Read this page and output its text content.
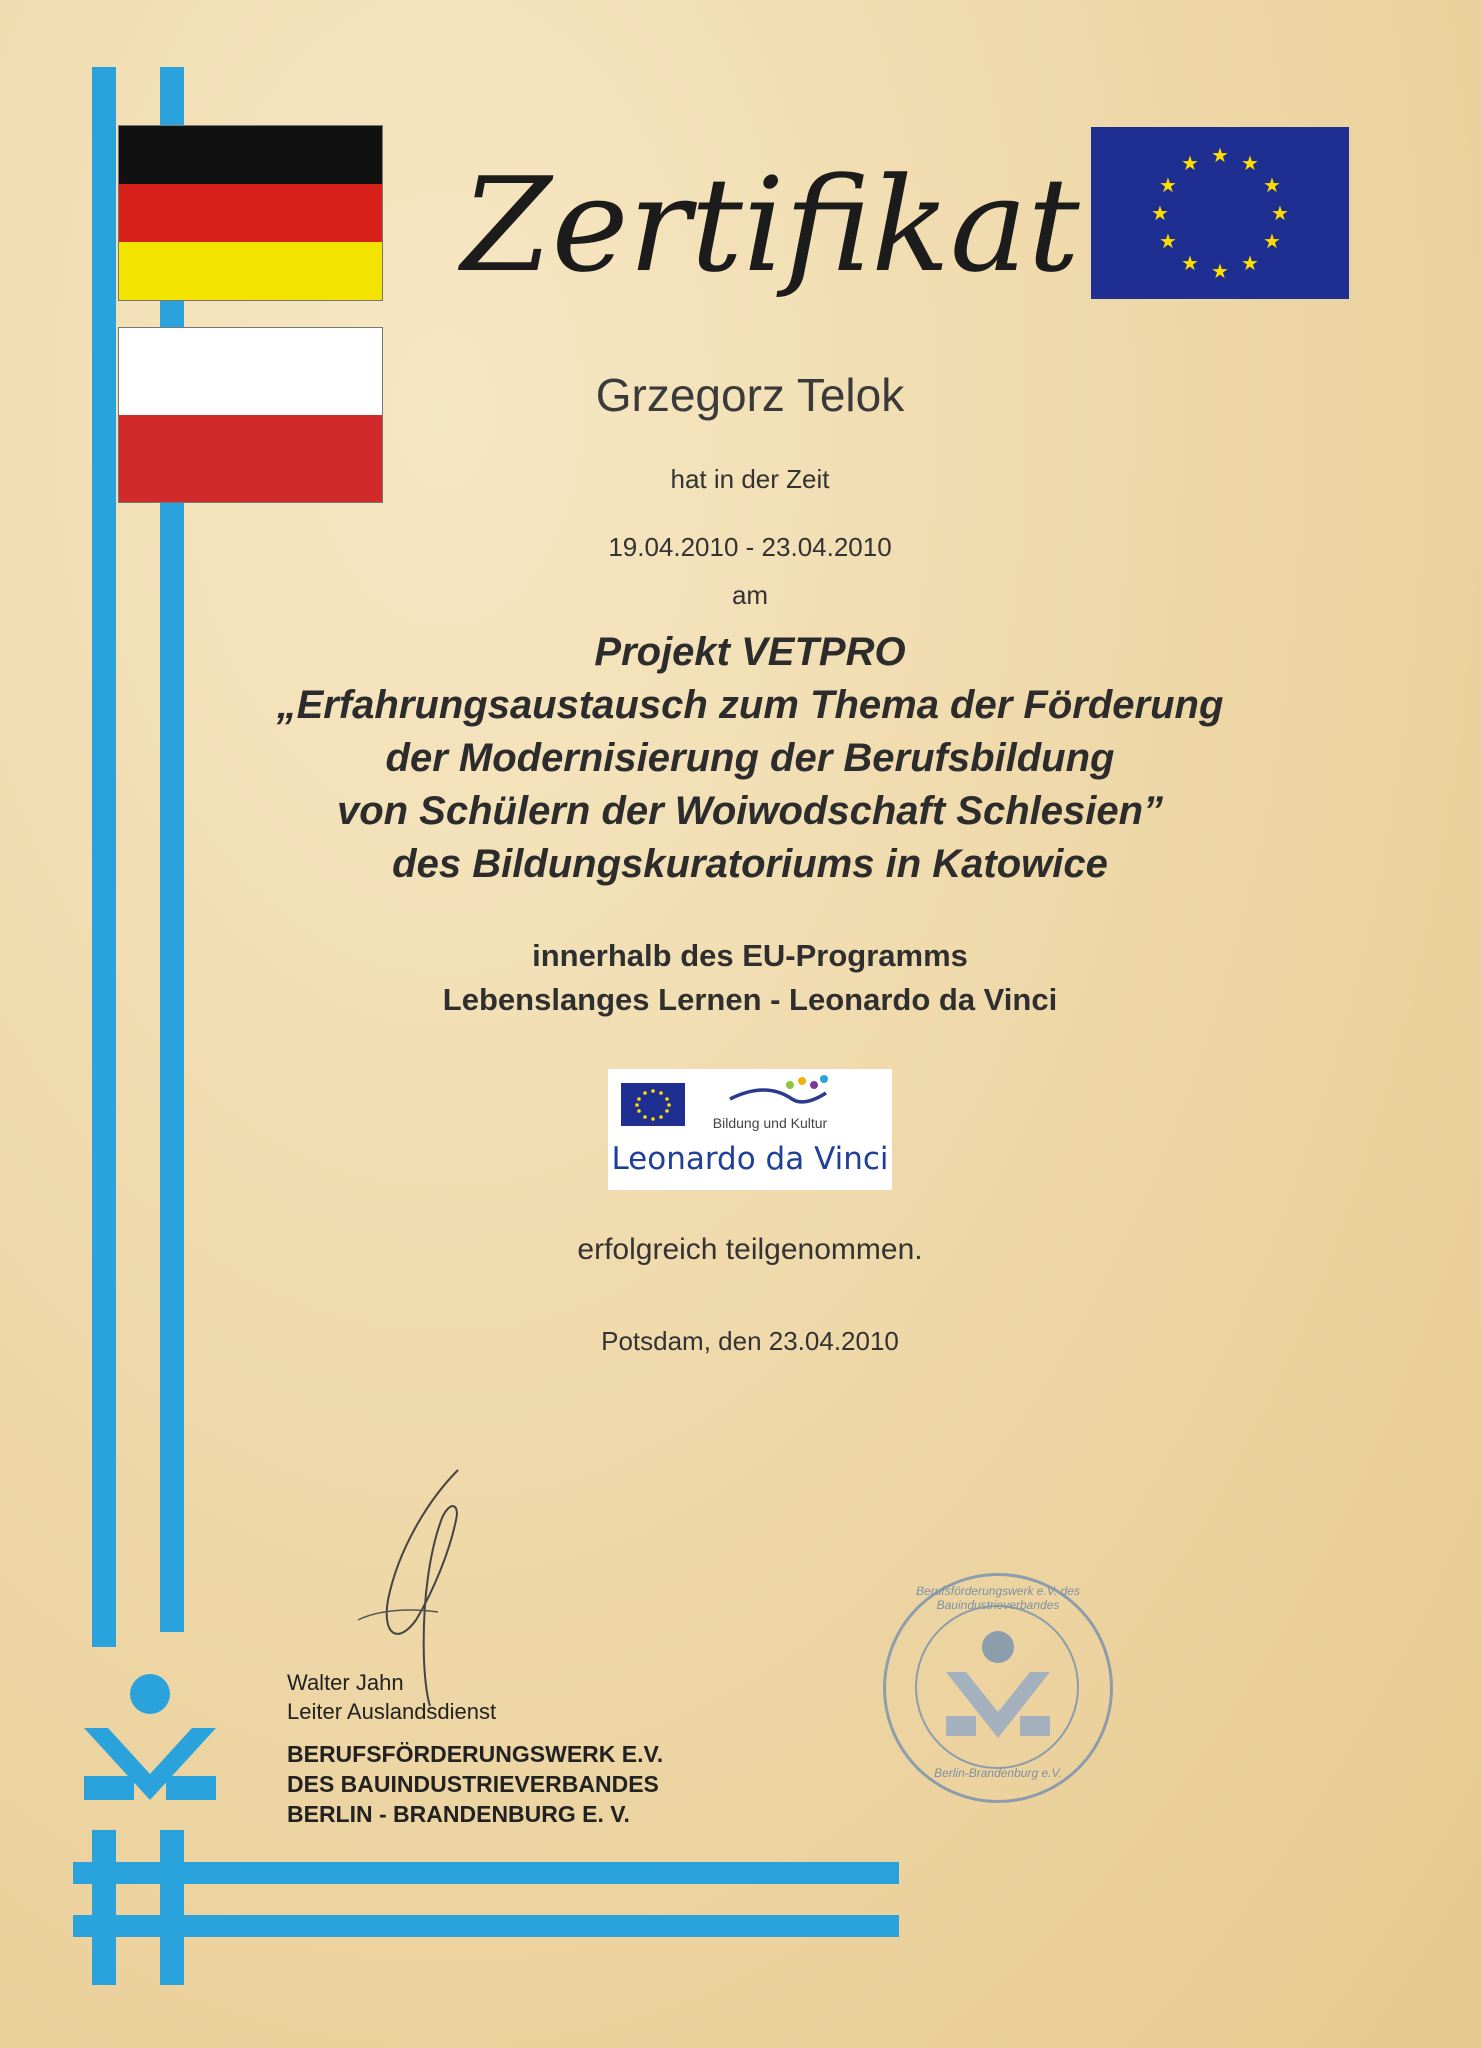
★ ★
★
★
★
★
★
★
★
★
★
★
Zertifikat
Grzegorz Telok
hat in der Zeit
19.04.2010 - 23.04.2010
am
Projekt VETPRO
„Erfahrungsaustausch zum Thema der Förderung
der Modernisierung der Berufsbildung
von Schülern der Woiwodschaft Schlesien”
des Bildungskuratoriums in Katowice
innerhalb des EU-Programms
Lebenslanges Lernen - Leonardo da Vinci
Bildung und Kultur
Leonardo da Vinci
erfolgreich teilgenommen.
Potsdam, den 23.04.2010
Walter Jahn
Leiter Auslandsdienst
BERUFSFÖRDERUNGSWERK E.V.
DES BAUINDUSTRIEVERBANDES
BERLIN - BRANDENBURG E. V.
Berufsförderungswerk e.V. des Bauindustrieverbandes
Berlin-Brandenburg e.V.
